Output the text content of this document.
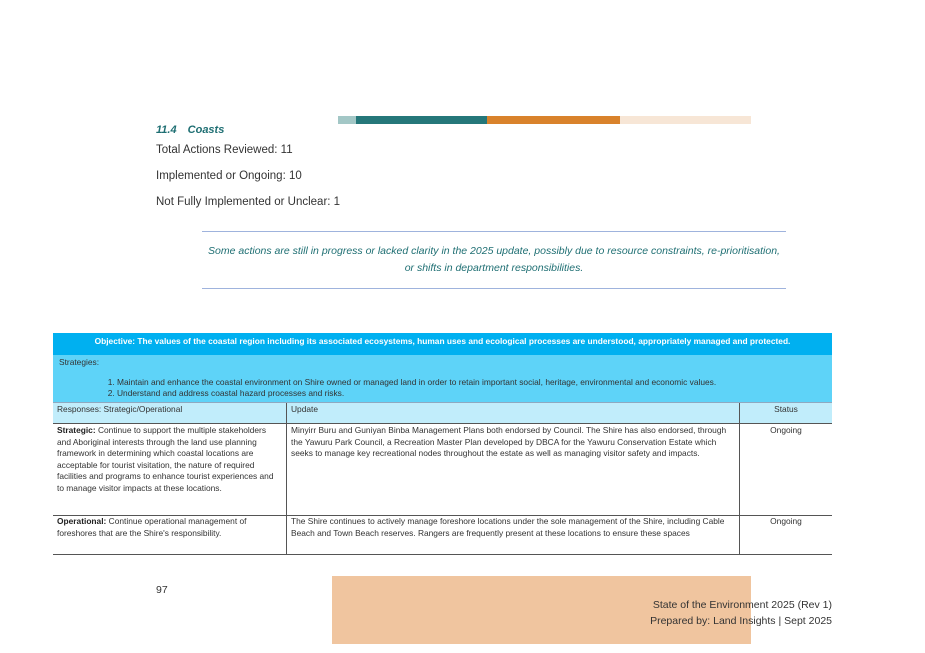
11.4 Coasts
Total Actions Reviewed: 11
Implemented or Ongoing: 10
Not Fully Implemented or Unclear: 1
Some actions are still in progress or lacked clarity in the 2025 update, possibly due to resource constraints, re-prioritisation,
or shifts in department responsibilities.
Objective: The values of the coastal region including its associated ecosystems, human uses and ecological processes are understood, appropriately managed and protected.
Strategies:
1. Maintain and enhance the coastal environment on Shire owned or managed land in order to retain important social, heritage, environmental and economic values.
2. Understand and address coastal hazard processes and risks.
Responses: Strategic/Operational	Update	Status
Strategic: Continue to support the multiple stakeholders and Aboriginal interests through the land use planning framework in determining which coastal locations are acceptable for tourist visitation, the nature of required facilities and programs to enhance tourist experiences and to manage visitor impacts at these locations.
Minyirr Buru and Guniyan Binba Management Plans both endorsed by Council. The Shire has also endorsed, through the Yawuru Park Council, a Recreation Master Plan developed by DBCA for the Yawuru Conservation Estate which seeks to manage key recreational nodes throughout the estate as well as managing visitor safety and impacts.
Ongoing
Operational: Continue operational management of foreshores that are the Shire's responsibility.
The Shire continues to actively manage foreshore locations under the sole management of the Shire, including Cable Beach and Town Beach reserves. Rangers are frequently present at these locations to ensure these spaces
Ongoing
97
State of the Environment 2025 (Rev 1)
Prepared by: Land Insights | Sept 2025
